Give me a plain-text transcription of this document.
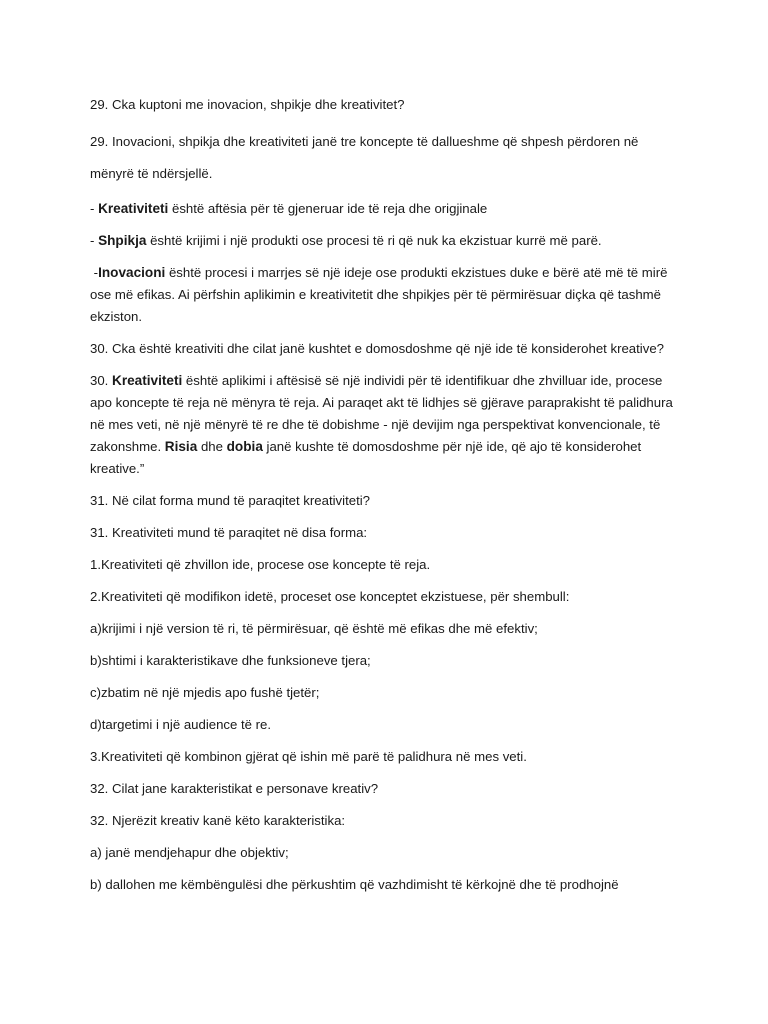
29. Cka kuptoni me inovacion, shpikje dhe kreativitet?

29. Inovacioni, shpikja dhe kreativiteti janë tre koncepte të dallueshme që shpesh përdoren në

mënyrë të ndërsjellë.

- Kreativiteti është aftësia për të gjeneruar ide të reja dhe origjinale

- Shpikja është krijimi i një produkti ose procesi të ri që nuk ka ekzistuar kurrë më parë.

-Inovacioni është procesi i marrjes së një ideje ose produkti ekzistues duke e bërë atë më të mirë ose më efikas. Ai përfshin aplikimin e kreativitetit dhe shpikjes për të përmirësuar diçka që tashmë ekziston.

30. Cka është kreativiti dhe cilat janë kushtet e domosdoshme që një ide të konsiderohet kreative?

30. Kreativiteti është aplikimi i aftësisë së një individi për të identifikuar dhe zhvilluar ide, procese apo koncepte të reja në mënyra të reja. Ai paraqet akt të lidhjes së gjërave paraprakisht të palidhura në mes veti, në një mënyrë të re dhe të dobishme - një devijim nga perspektivat konvencionale, të zakonshme. Risia dhe dobia janë kushte të domosdoshme për një ide, që ajo të konsiderohet kreative.”

31. Në cilat forma mund të paraqitet kreativiteti?

31. Kreativiteti mund të paraqitet në disa forma:

1.Kreativiteti që zhvillon ide, procese ose koncepte të reja.

2.Kreativiteti që modifikon idetë, proceset ose konceptet ekzistuese, për shembull:

a)krijimi i një version të ri, të përmirësuar, që është më efikas dhe më efektiv;

b)shtimi i karakteristikave dhe funksioneve tjera;

c)zbatim në një mjedis apo fushë tjetër;

d)targetimi i një audience të re.

3.Kreativiteti që kombinon gjërat që ishin më parë të palidhura në mes veti.

32. Cilat jane karakteristikat e personave kreativ?

32. Njerëzit kreativ kanë këto karakteristika:

a) janë mendjehapur dhe objektiv;

b) dallohen me këmbëngulësi dhe përkushtim që vazhdimisht të kërkojnë dhe të prodhojnë
